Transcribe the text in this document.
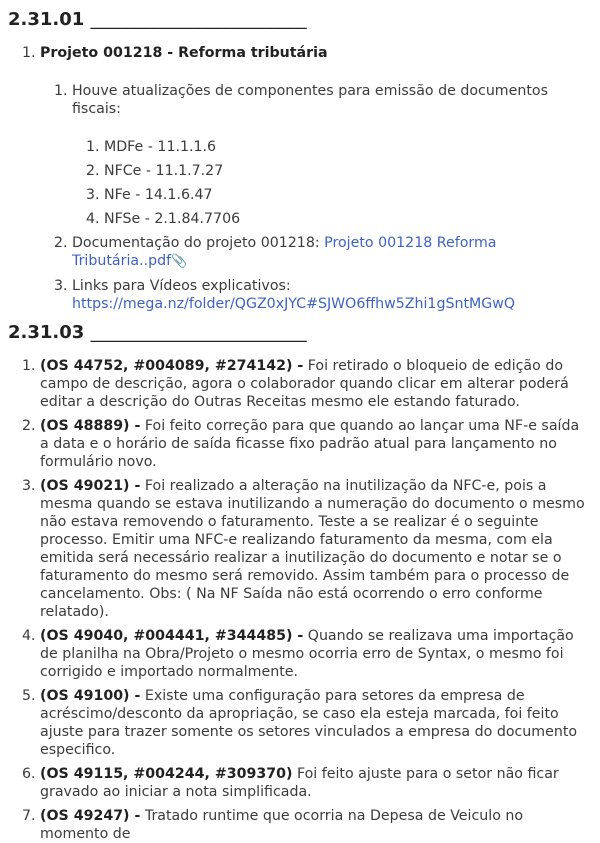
2.31.01 ________________________
1. Projeto 001218 - Reforma tributária
1. Houve atualizações de componentes para emissão de documentos fiscais:
1. MDFe - 11.1.1.6
2. NFCe - 11.1.7.27
3. NFe - 14.1.6.47
4. NFSe - 2.1.84.7706
2. Documentação do projeto 001218: Projeto 001218 Reforma Tributária..pdf📎
3. Links para Vídeos explicativos:
https://mega.nz/folder/QGZ0xJYC#SJWO6ffhw5Zhi1gSntMGwQ
2.31.03 ________________________
1. (OS 44752, #004089, #274142) - Foi retirado o bloqueio de edição do campo de descrição, agora o colaborador quando clicar em alterar poderá editar a descrição do Outras Receitas mesmo ele estando faturado.
2. (OS 48889) - Foi feito correção para que quando ao lançar uma NF-e saída a data e o horário de saída ficasse fixo padrão atual para lançamento no formulário novo.
3. (OS 49021) - Foi realizado a alteração na inutilização da NFC-e, pois a mesma quando se estava inutilizando a numeração do documento o mesmo não estava removendo o faturamento. Teste a se realizar é o seguinte processo. Emitir uma NFC-e realizando faturamento da mesma, com ela emitida será necessário realizar a inutilização do documento e notar se o faturamento do mesmo será removido. Assim também para o processo de cancelamento. Obs: ( Na NF Saída não está ocorrendo o erro conforme relatado).
4. (OS 49040, #004441, #344485) - Quando se realizava uma importação de planilha na Obra/Projeto o mesmo ocorria erro de Syntax, o mesmo foi corrigido e importado normalmente.
5. (OS 49100) - Existe uma configuração para setores da empresa de acréscimo/desconto da apropriação, se caso ela esteja marcada, foi feito ajuste para trazer somente os setores vinculados a empresa do documento especifico.
6. (OS 49115, #004244, #309370) Foi feito ajuste para o setor não ficar gravado ao iniciar a nota simplificada.
7. (OS 49247) - Tratado runtime que ocorria na Depesa de Veiculo no momento de
